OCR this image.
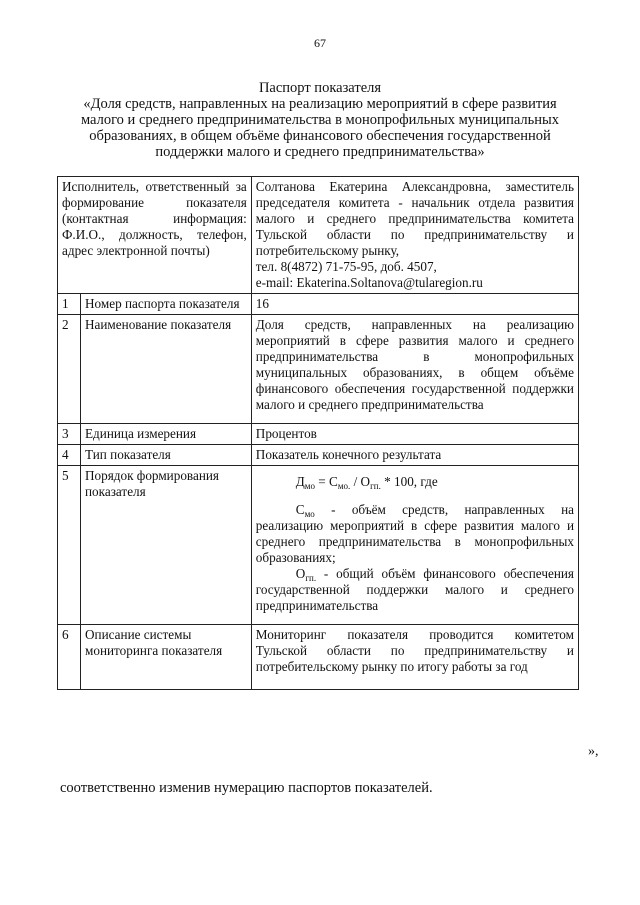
67
Паспорт показателя
«Доля средств, направленных на реализацию мероприятий в сфере развития
малого и среднего предпринимательства в монопрофильных муниципальных
образованиях, в общем объёме финансового обеспечения государственной
поддержки малого и среднего предпринимательства»
Исполнитель, ответственный за формирование показателя (контактная информация: Ф.И.О., должность, телефон, адрес электронной почты)		Солтанова Екатерина Александровна, заместитель председателя комитета - начальник отдела развития малого и среднего предпринимательства комитета Тульской области по предпринимательству и потребительскому рынку,
тел. 8(4872) 71-75-95, доб. 4507,
e-mail: Ekaterina.Soltanova@tularegion.ru

1	Номер паспорта показателя	16
2	Наименование показателя	Доля средств, направленных на реализацию мероприятий в сфере развития малого и среднего предпринимательства в монопрофильных муниципальных образованиях, в общем объёме финансового обеспечения государственной поддержки малого и среднего предпринимательства
3	Единица измерения	Процентов
4	Тип показателя	Показатель конечного результата
5	Порядок формирования показателя	$Д_{мо} = С_{мо.} / О_{гп.} * 100$, где
$С_{мо}$ - объём средств, направленных на реализацию мероприятий в сфере развития малого и среднего предпринимательства в монопрофильных образованиях;
$О_{гп.}$ - общий объём финансового обеспечения государственной поддержки малого и среднего предпринимательства

6	Описание системы мониторинга показателя	Мониторинг показателя проводится комитетом Тульской области по предпринимательству и потребительскому рынку по итогу работы за год
»,
соответственно изменив нумерацию паспортов показателей.
